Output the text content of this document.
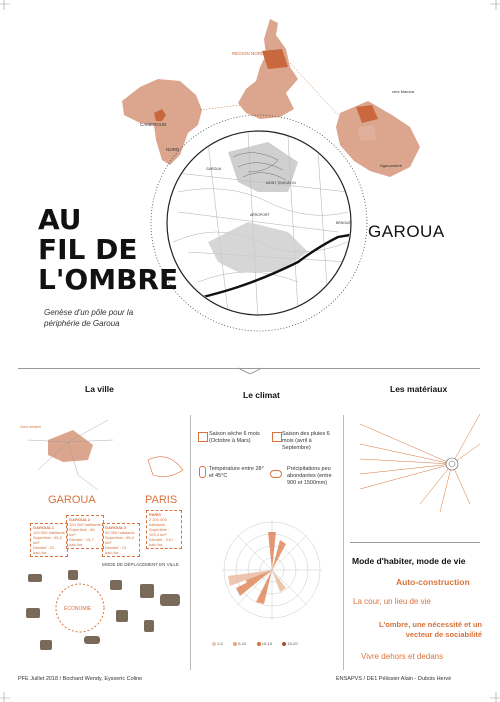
RÉGION NORD
CAMEROUN
NORD
vers Mamoa
Ngaoundéré
GAROUA
MONT TINGUELIN
AÉROPORT
BÉNOUÉ
AU
FIL DE
L'OMBRE
Genèse d'un pôle pour la périphérie de Garoua
GAROUA
La ville
Le climat
Les matériaux
Zone urbaine
GAROUA	PARIS
GAROUA 1
120 000 habitants
Superficie : 65,3 km²
Densité : 22 hab./ha
GAROUA 2
100 000 habitants
Superficie : 68 km²
Densité : 15,7 hab./ha
GAROUA 3
90 000 habitants
Superficie : 65,4 km²
Densité : 13 hab./ha
PARIS
2 200 000 habitants
Superficie : 105,4 km²
Densité : 210 hab./ha
MODE DE DÉPLACEMENT EN VILLE
ÉCONOMIE
Saison sèche 6 mois (Octobre à Mars)
Saison des pluies 6 mois (avril à Septembre)
Température entre 28° et 45°C
Précipitations peu abondantes (entre 900 et 1500mm)
1-5	5-10	10-15	15-20
Mode d'habiter, mode de vie
Auto-construction
La cour, un lieu de vie
L'ombre, une nécessité et un vecteur de sociabilité
Vivre dehors et dedans
PFE Juillet 2018 / Bochard Wendy, Eysseric Coline	ENSAPVS / DE1 Pélissier Alain - Dubois Hervé
